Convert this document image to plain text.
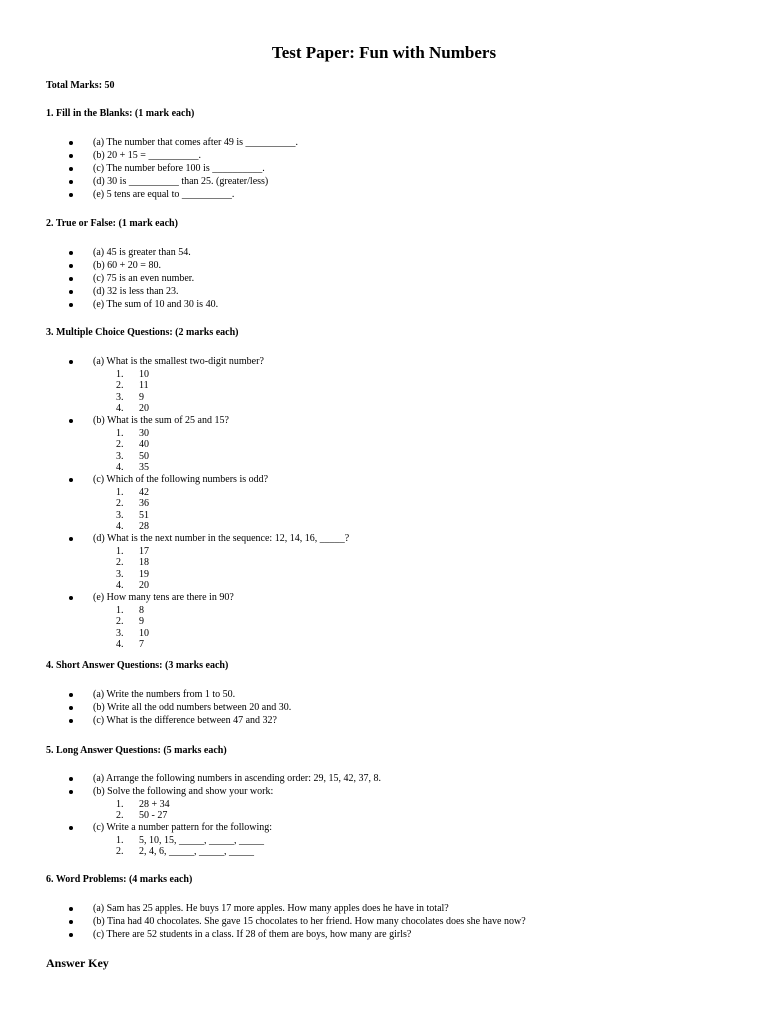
Test Paper: Fun with Numbers

Total Marks: 50

1. Fill in the Blanks: (1 mark each)

(a) The number that comes after 49 is __________.
(b) 20 + 15 = __________.
(c) The number before 100 is __________.
(d) 30 is __________ than 25. (greater/less)
(e) 5 tens are equal to __________.

2. True or False: (1 mark each)

(a) 45 is greater than 54.
(b) 60 + 20 = 80.
(c) 75 is an even number.
(d) 32 is less than 23.
(e) The sum of 10 and 30 is 40.

3. Multiple Choice Questions: (2 marks each)

(a) What is the smallest two-digit number?
10
11
9
20
(b) What is the sum of 25 and 15?
30
40
50
35
(c) Which of the following numbers is odd?
42
36
51
28
(d) What is the next number in the sequence: 12, 14, 16, _____?
17
18
19
20
(e) How many tens are there in 90?
8
9
10
7

4. Short Answer Questions: (3 marks each)

(a) Write the numbers from 1 to 50.
(b) Write all the odd numbers between 20 and 30.
(c) What is the difference between 47 and 32?

5. Long Answer Questions: (5 marks each)

(a) Arrange the following numbers in ascending order: 29, 15, 42, 37, 8.
(b) Solve the following and show your work:
28 + 34
50 - 27
(c) Write a number pattern for the following:
5, 10, 15, _____, _____, _____
2, 4, 6, _____, _____, _____

6. Word Problems: (4 marks each)

(a) Sam has 25 apples. He buys 17 more apples. How many apples does he have in total?
(b) Tina had 40 chocolates. She gave 15 chocolates to her friend. How many chocolates does she have now?
(c) There are 52 students in a class. If 28 of them are boys, how many are girls?
Answer Key
